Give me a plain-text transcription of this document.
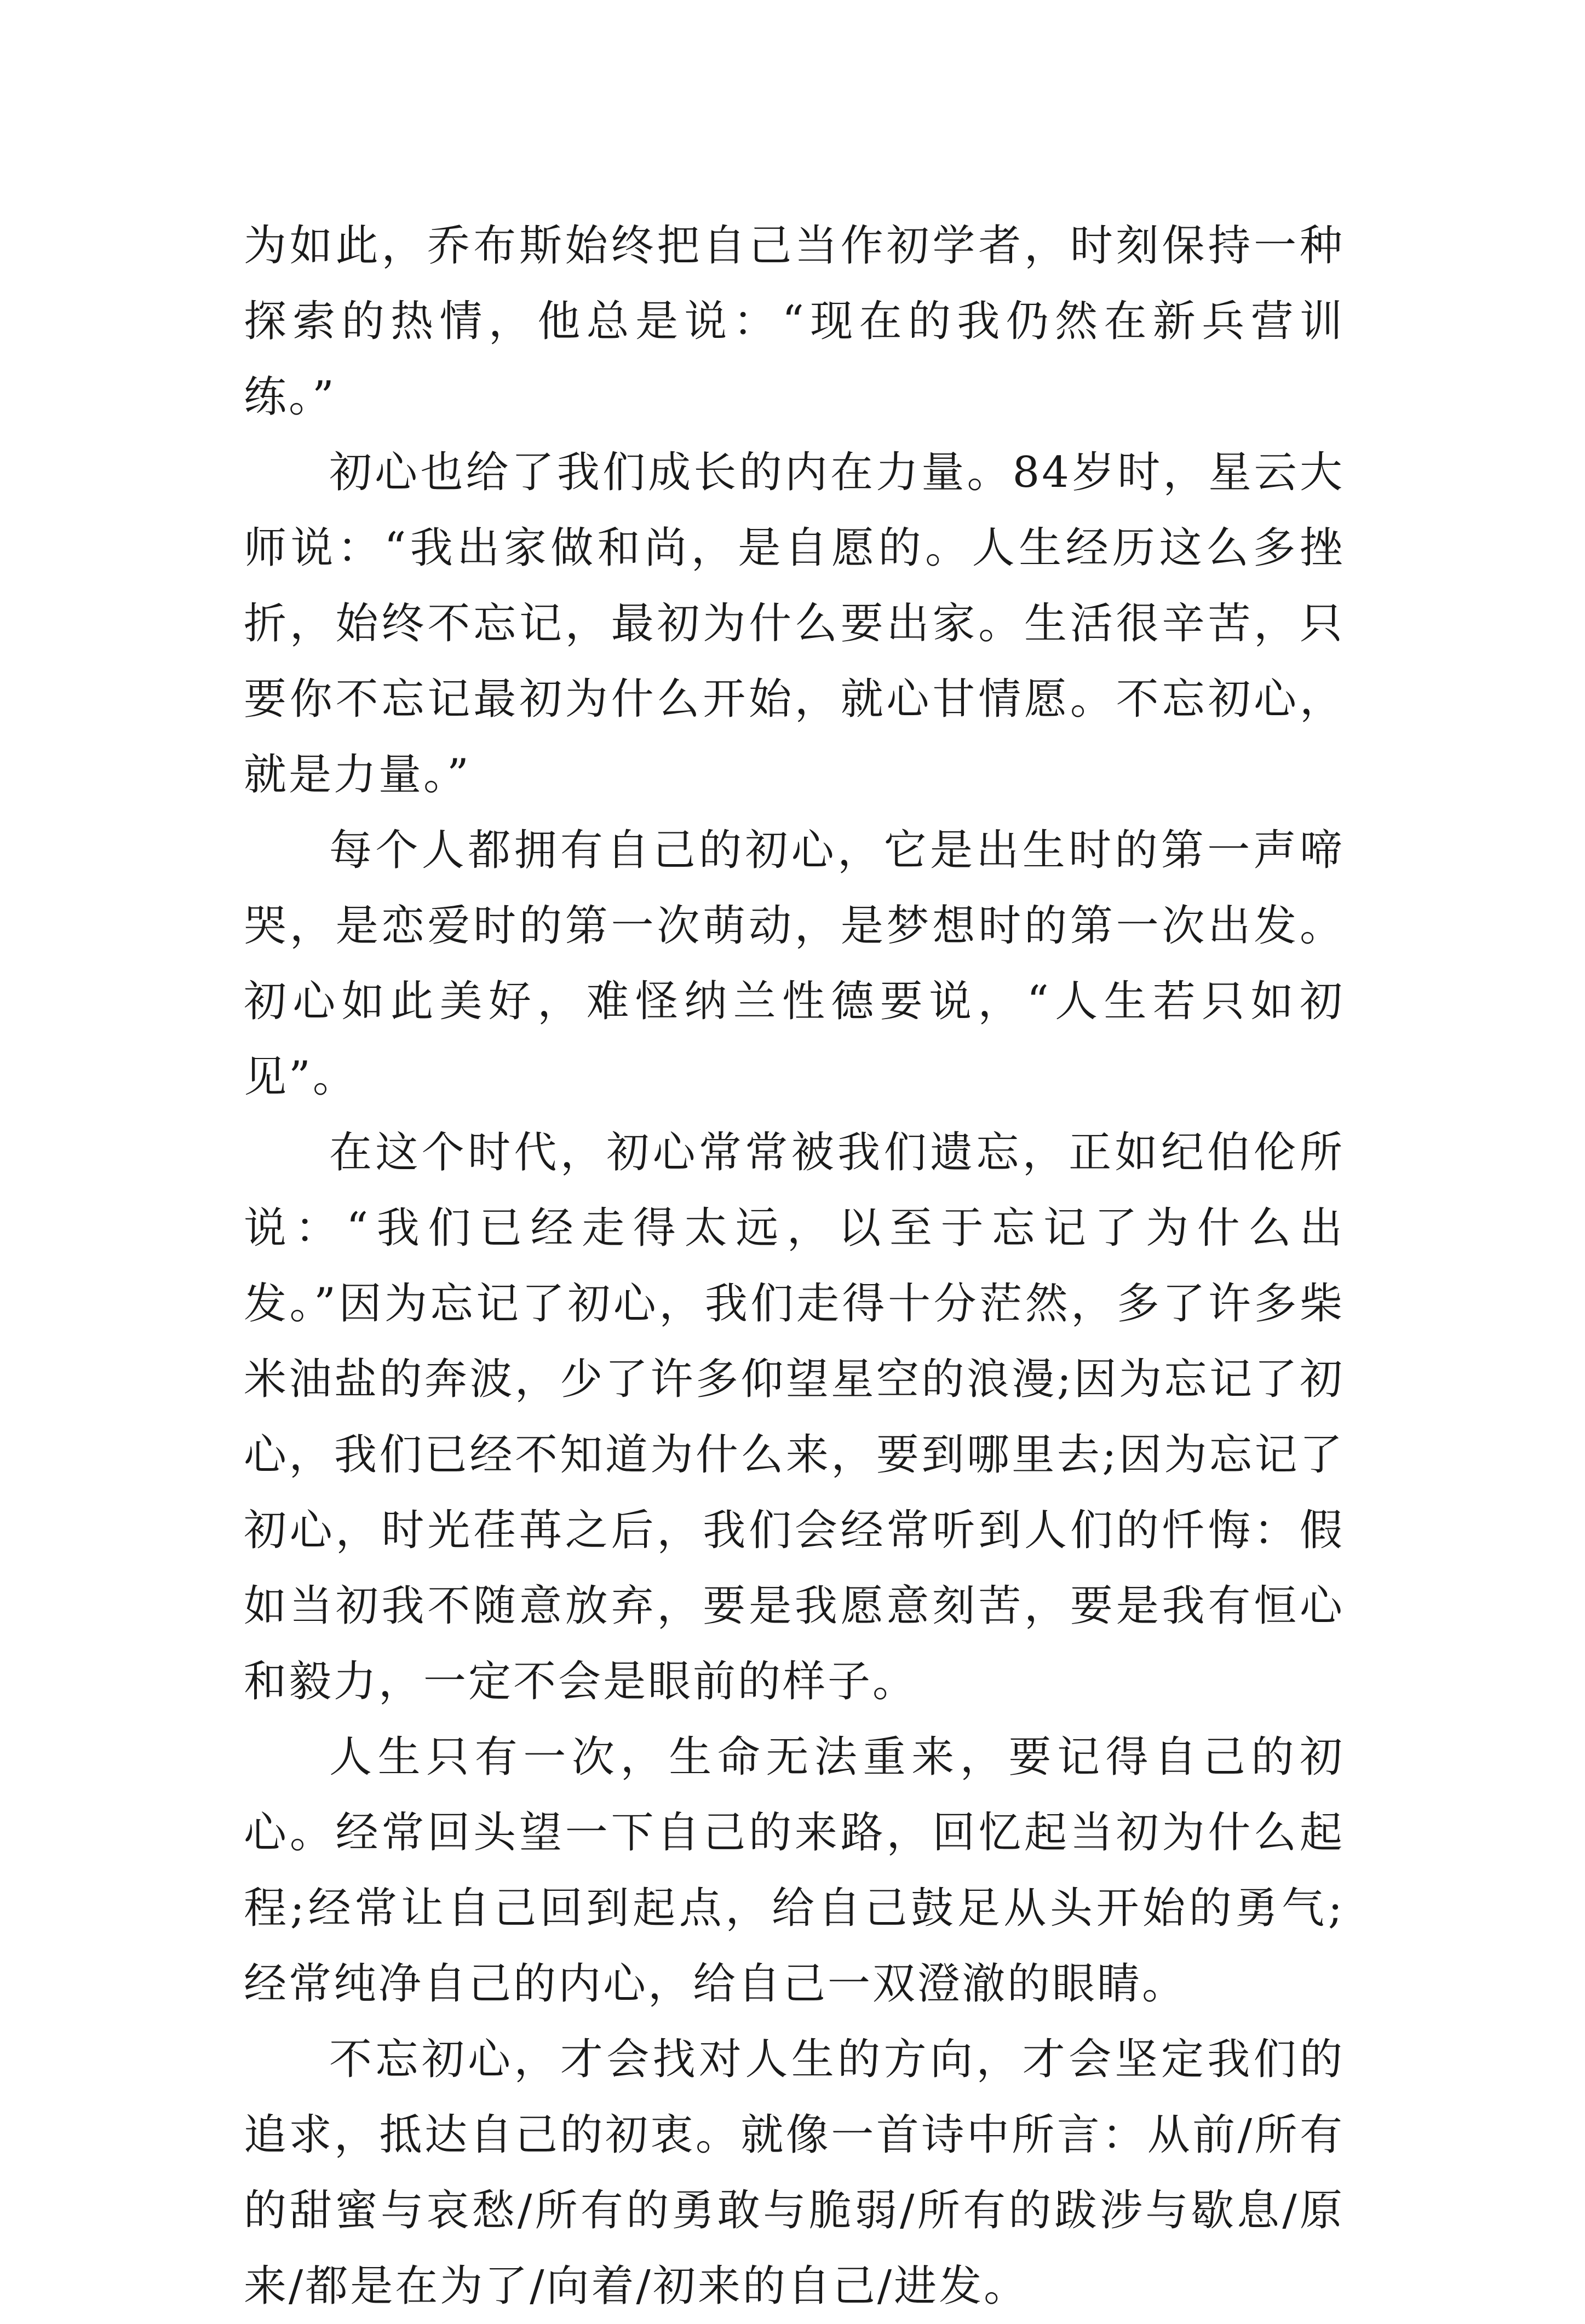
为如此，乔布斯始终把自己当作初学者，时刻保持一种探索的热情，他总是说：“现在的我仍然在新兵营训练。”

初心也给了我们成长的内在力量。84岁时，星云大师说：“我出家做和尚，是自愿的。人生经历这么多挫折，始终不忘记，最初为什么要出家。生活很辛苦，只要你不忘记最初为什么开始，就心甘情愿。不忘初心，就是力量。”

每个人都拥有自己的初心，它是出生时的第一声啼哭，是恋爱时的第一次萌动，是梦想时的第一次出发。初心如此美好，难怪纳兰性德要说，“人生若只如初见”。

在这个时代，初心常常被我们遗忘，正如纪伯伦所说：“我们已经走得太远，以至于忘记了为什么出发。”因为忘记了初心，我们走得十分茫然，多了许多柴米油盐的奔波，少了许多仰望星空的浪漫;因为忘记了初心，我们已经不知道为什么来，要到哪里去;因为忘记了初心，时光荏苒之后，我们会经常听到人们的忏悔：假如当初我不随意放弃，要是我愿意刻苦，要是我有恒心和毅力，一定不会是眼前的样子。

人生只有一次，生命无法重来，要记得自己的初心。经常回头望一下自己的来路，回忆起当初为什么起程;经常让自己回到起点，给自己鼓足从头开始的勇气;经常纯净自己的内心，给自己一双澄澈的眼睛。

不忘初心，才会找对人生的方向，才会坚定我们的追求，抵达自己的初衷。就像一首诗中所言：从前/所有的甜蜜与哀愁/所有的勇敢与脆弱/所有的跋涉与歇息/原来/都是在为了/向着/初来的自己/进发。
